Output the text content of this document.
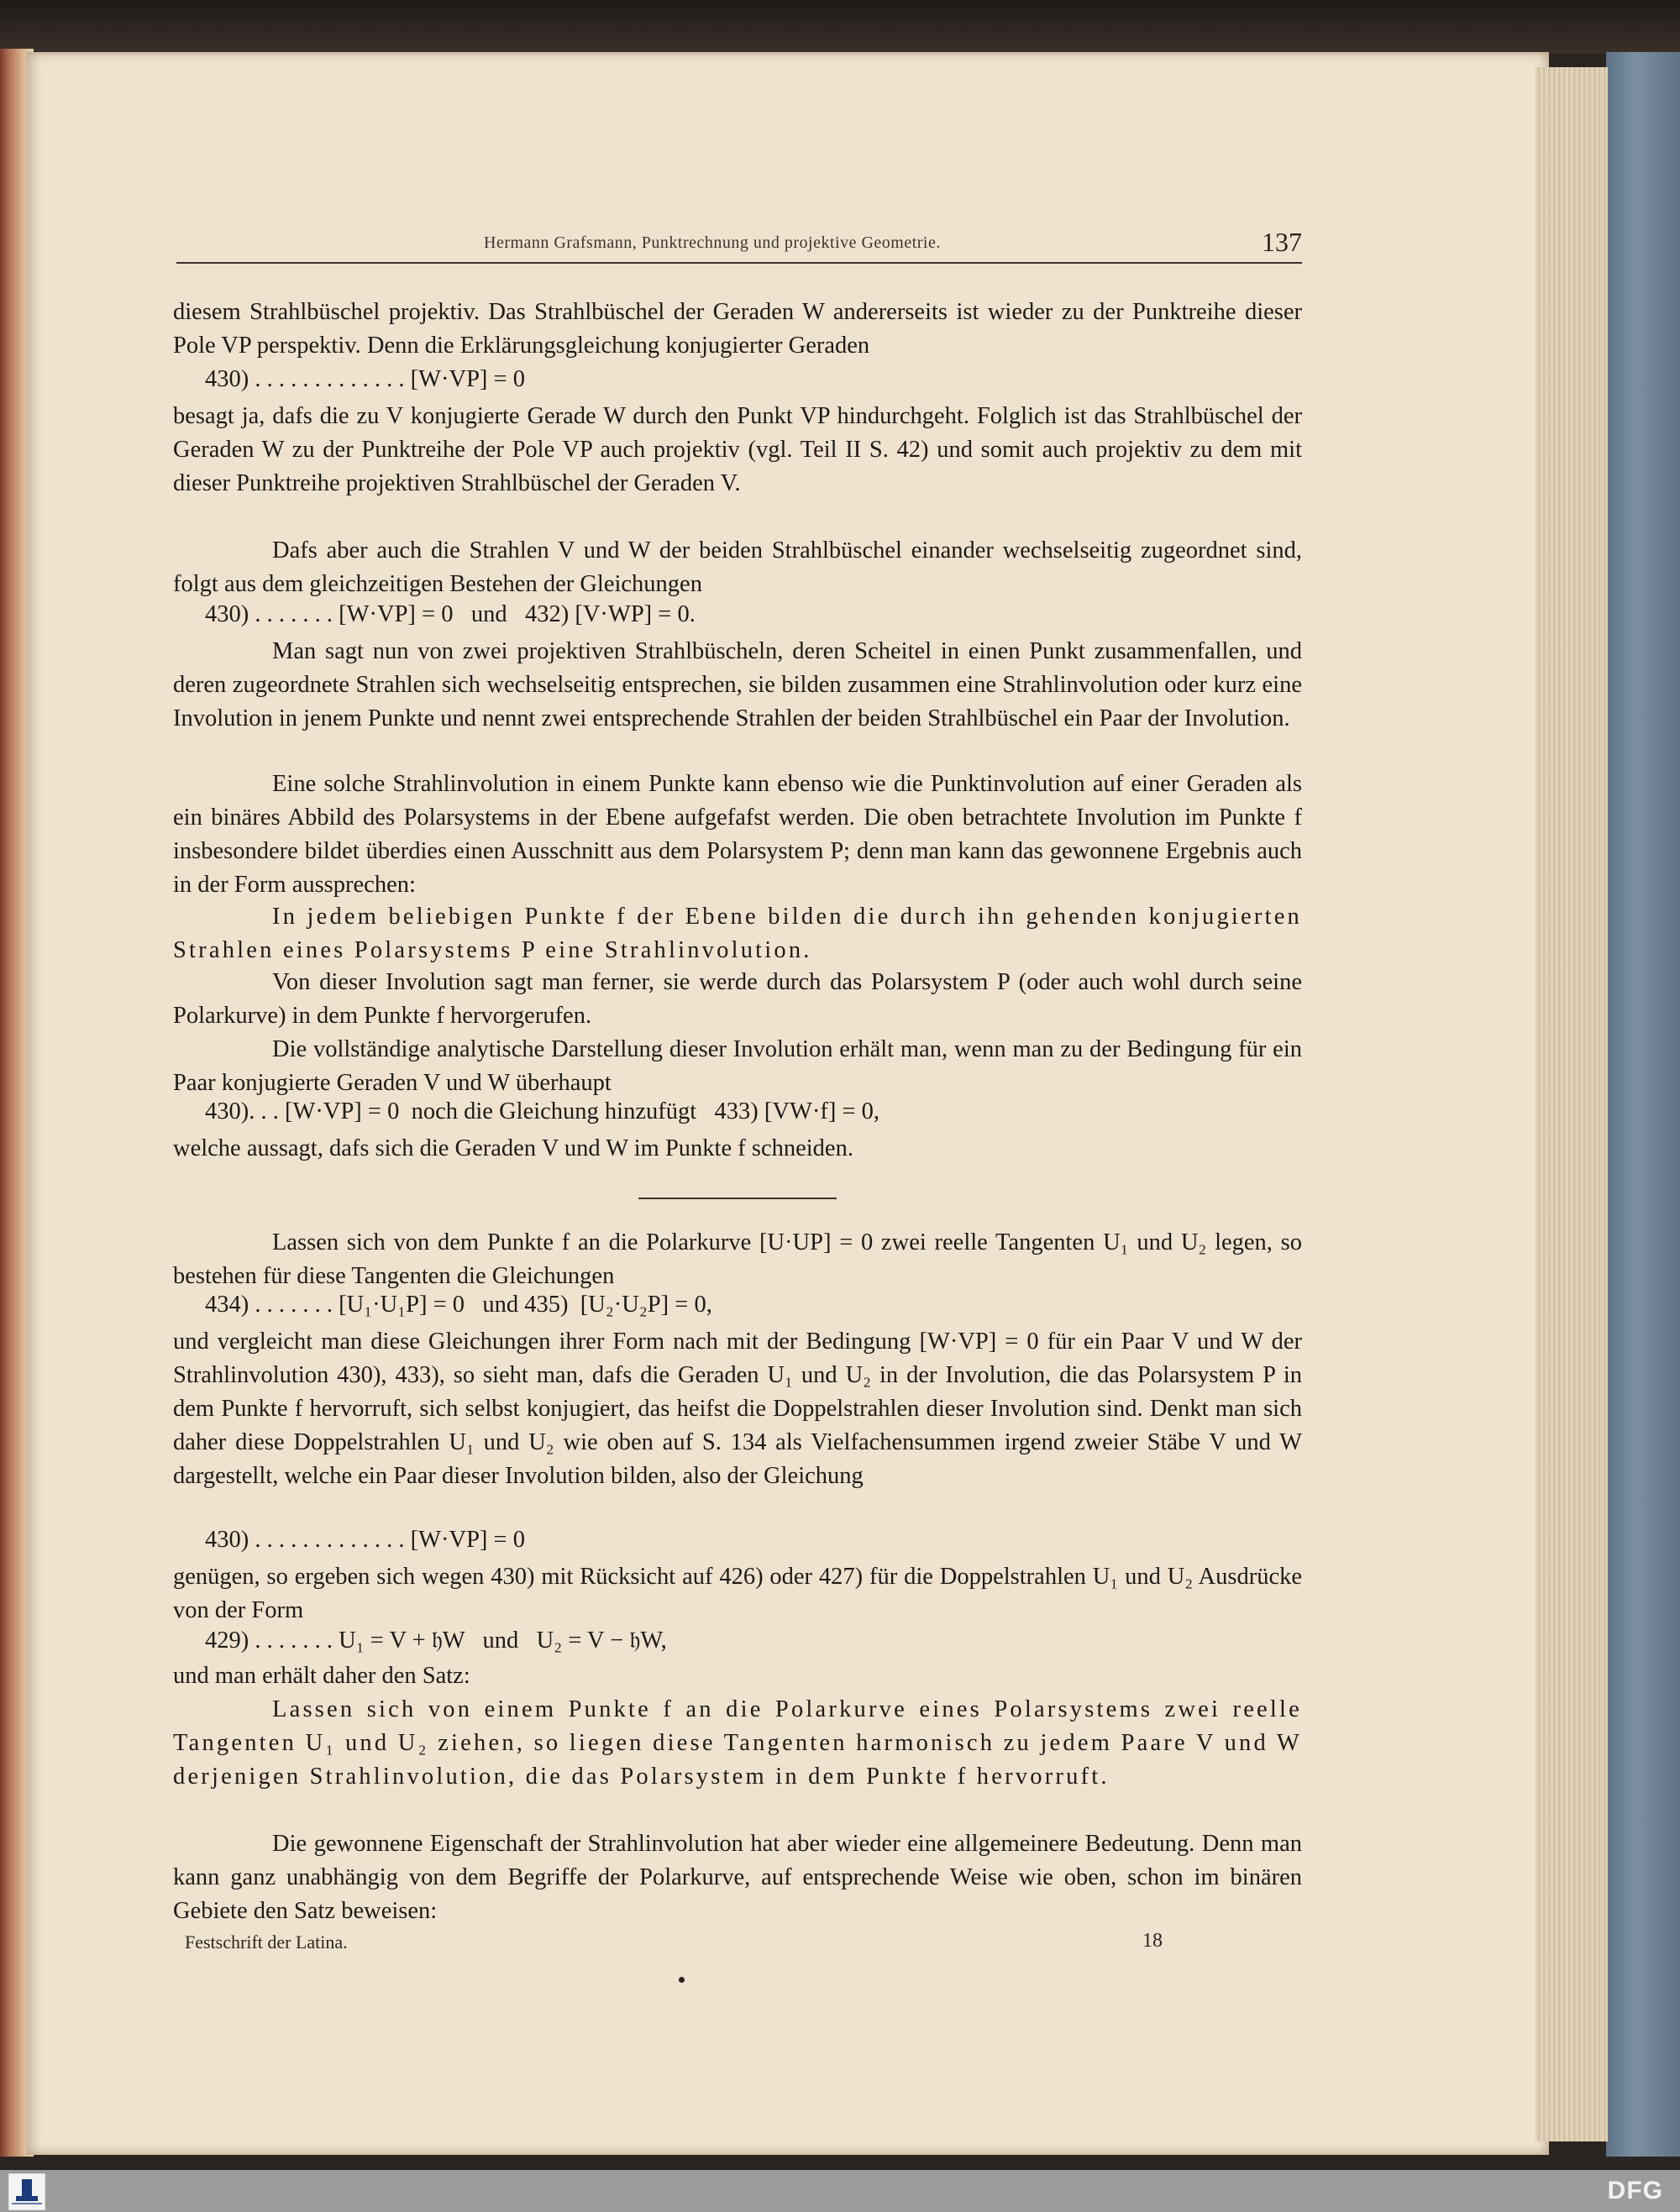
Hermann Grafsmann, Punktrechnung und projektive Geometrie.	137
diesem Strahlbüschel projektiv. Das Strahlbüschel der Geraden W andererseits ist wieder zu der Punktreihe dieser Pole VP perspektiv. Denn die Erklärungsgleichung konjugierter Geraden
430) . . . . . . . . . . . . . [W·VP] = 0
besagt ja, dafs die zu V konjugierte Gerade W durch den Punkt VP hindurchgeht. Folglich ist das Strahlbüschel der Geraden W zu der Punktreihe der Pole VP auch projektiv (vgl. Teil II S. 42) und somit auch projektiv zu dem mit dieser Punktreihe projektiven Strahlbüschel der Geraden V.
Dafs aber auch die Strahlen V und W der beiden Strahlbüschel einander wechselseitig zugeordnet sind, folgt aus dem gleichzeitigen Bestehen der Gleichungen
430) . . . . . . . [W·VP] = 0   und   432) [V·WP] = 0.
Man sagt nun von zwei projektiven Strahlbüscheln, deren Scheitel in einen Punkt zusammenfallen, und deren zugeordnete Strahlen sich wechselseitig entsprechen, sie bilden zusammen eine Strahlinvolution oder kurz eine Involution in jenem Punkte und nennt zwei entsprechende Strahlen der beiden Strahlbüschel ein Paar der Involution.
Eine solche Strahlinvolution in einem Punkte kann ebenso wie die Punktinvolution auf einer Geraden als ein binäres Abbild des Polarsystems in der Ebene aufgefafst werden. Die oben betrachtete Involution im Punkte f insbesondere bildet überdies einen Ausschnitt aus dem Polarsystem P; denn man kann das gewonnene Ergebnis auch in der Form aussprechen:
In jedem beliebigen Punkte f der Ebene bilden die durch ihn gehenden konjugierten Strahlen eines Polarsystems P eine Strahlinvolution.
Von dieser Involution sagt man ferner, sie werde durch das Polarsystem P (oder auch wohl durch seine Polarkurve) in dem Punkte f hervorgerufen.
Die vollständige analytische Darstellung dieser Involution erhält man, wenn man zu der Bedingung für ein Paar konjugierte Geraden V und W überhaupt
430). . . [W·VP] = 0  noch die Gleichung hinzufügt   433) [VW·f] = 0,
welche aussagt, dafs sich die Geraden V und W im Punkte f schneiden.
Lassen sich von dem Punkte f an die Polarkurve [U·UP] = 0 zwei reelle Tangenten U₁ und U₂ legen, so bestehen für diese Tangenten die Gleichungen
434) . . . . . . . [U₁·U₁P] = 0   und 435)  [U₂·U₂P] = 0,
und vergleicht man diese Gleichungen ihrer Form nach mit der Bedingung [W·VP] = 0 für ein Paar V und W der Strahlinvolution 430), 433), so sieht man, dafs die Geraden U₁ und U₂ in der Involution, die das Polarsystem P in dem Punkte f hervorruft, sich selbst konjugiert, das heifst die Doppelstrahlen dieser Involution sind. Denkt man sich daher diese Doppelstrahlen U₁ und U₂ wie oben auf S. 134 als Vielfachensummen irgend zweier Stäbe V und W dargestellt, welche ein Paar dieser Involution bilden, also der Gleichung
430) . . . . . . . . . . . . . [W·VP] = 0
genügen, so ergeben sich wegen 430) mit Rücksicht auf 426) oder 427) für die Doppelstrahlen U₁ und U₂ Ausdrücke von der Form
429) . . . . . . . U₁ = V + 𝔥W   und   U₂ = V − 𝔥W,
und man erhält daher den Satz:
Lassen sich von einem Punkte f an die Polarkurve eines Polarsystems zwei reelle Tangenten U₁ und U₂ ziehen, so liegen diese Tangenten harmonisch zu jedem Paare V und W derjenigen Strahlinvolution, die das Polarsystem in dem Punkte f hervorruft.
Die gewonnene Eigenschaft der Strahlinvolution hat aber wieder eine allgemeinere Bedeutung. Denn man kann ganz unabhängig von dem Begriffe der Polarkurve, auf entsprechende Weise wie oben, schon im binären Gebiete den Satz beweisen:
Festschrift der Latina.	18
DFG
